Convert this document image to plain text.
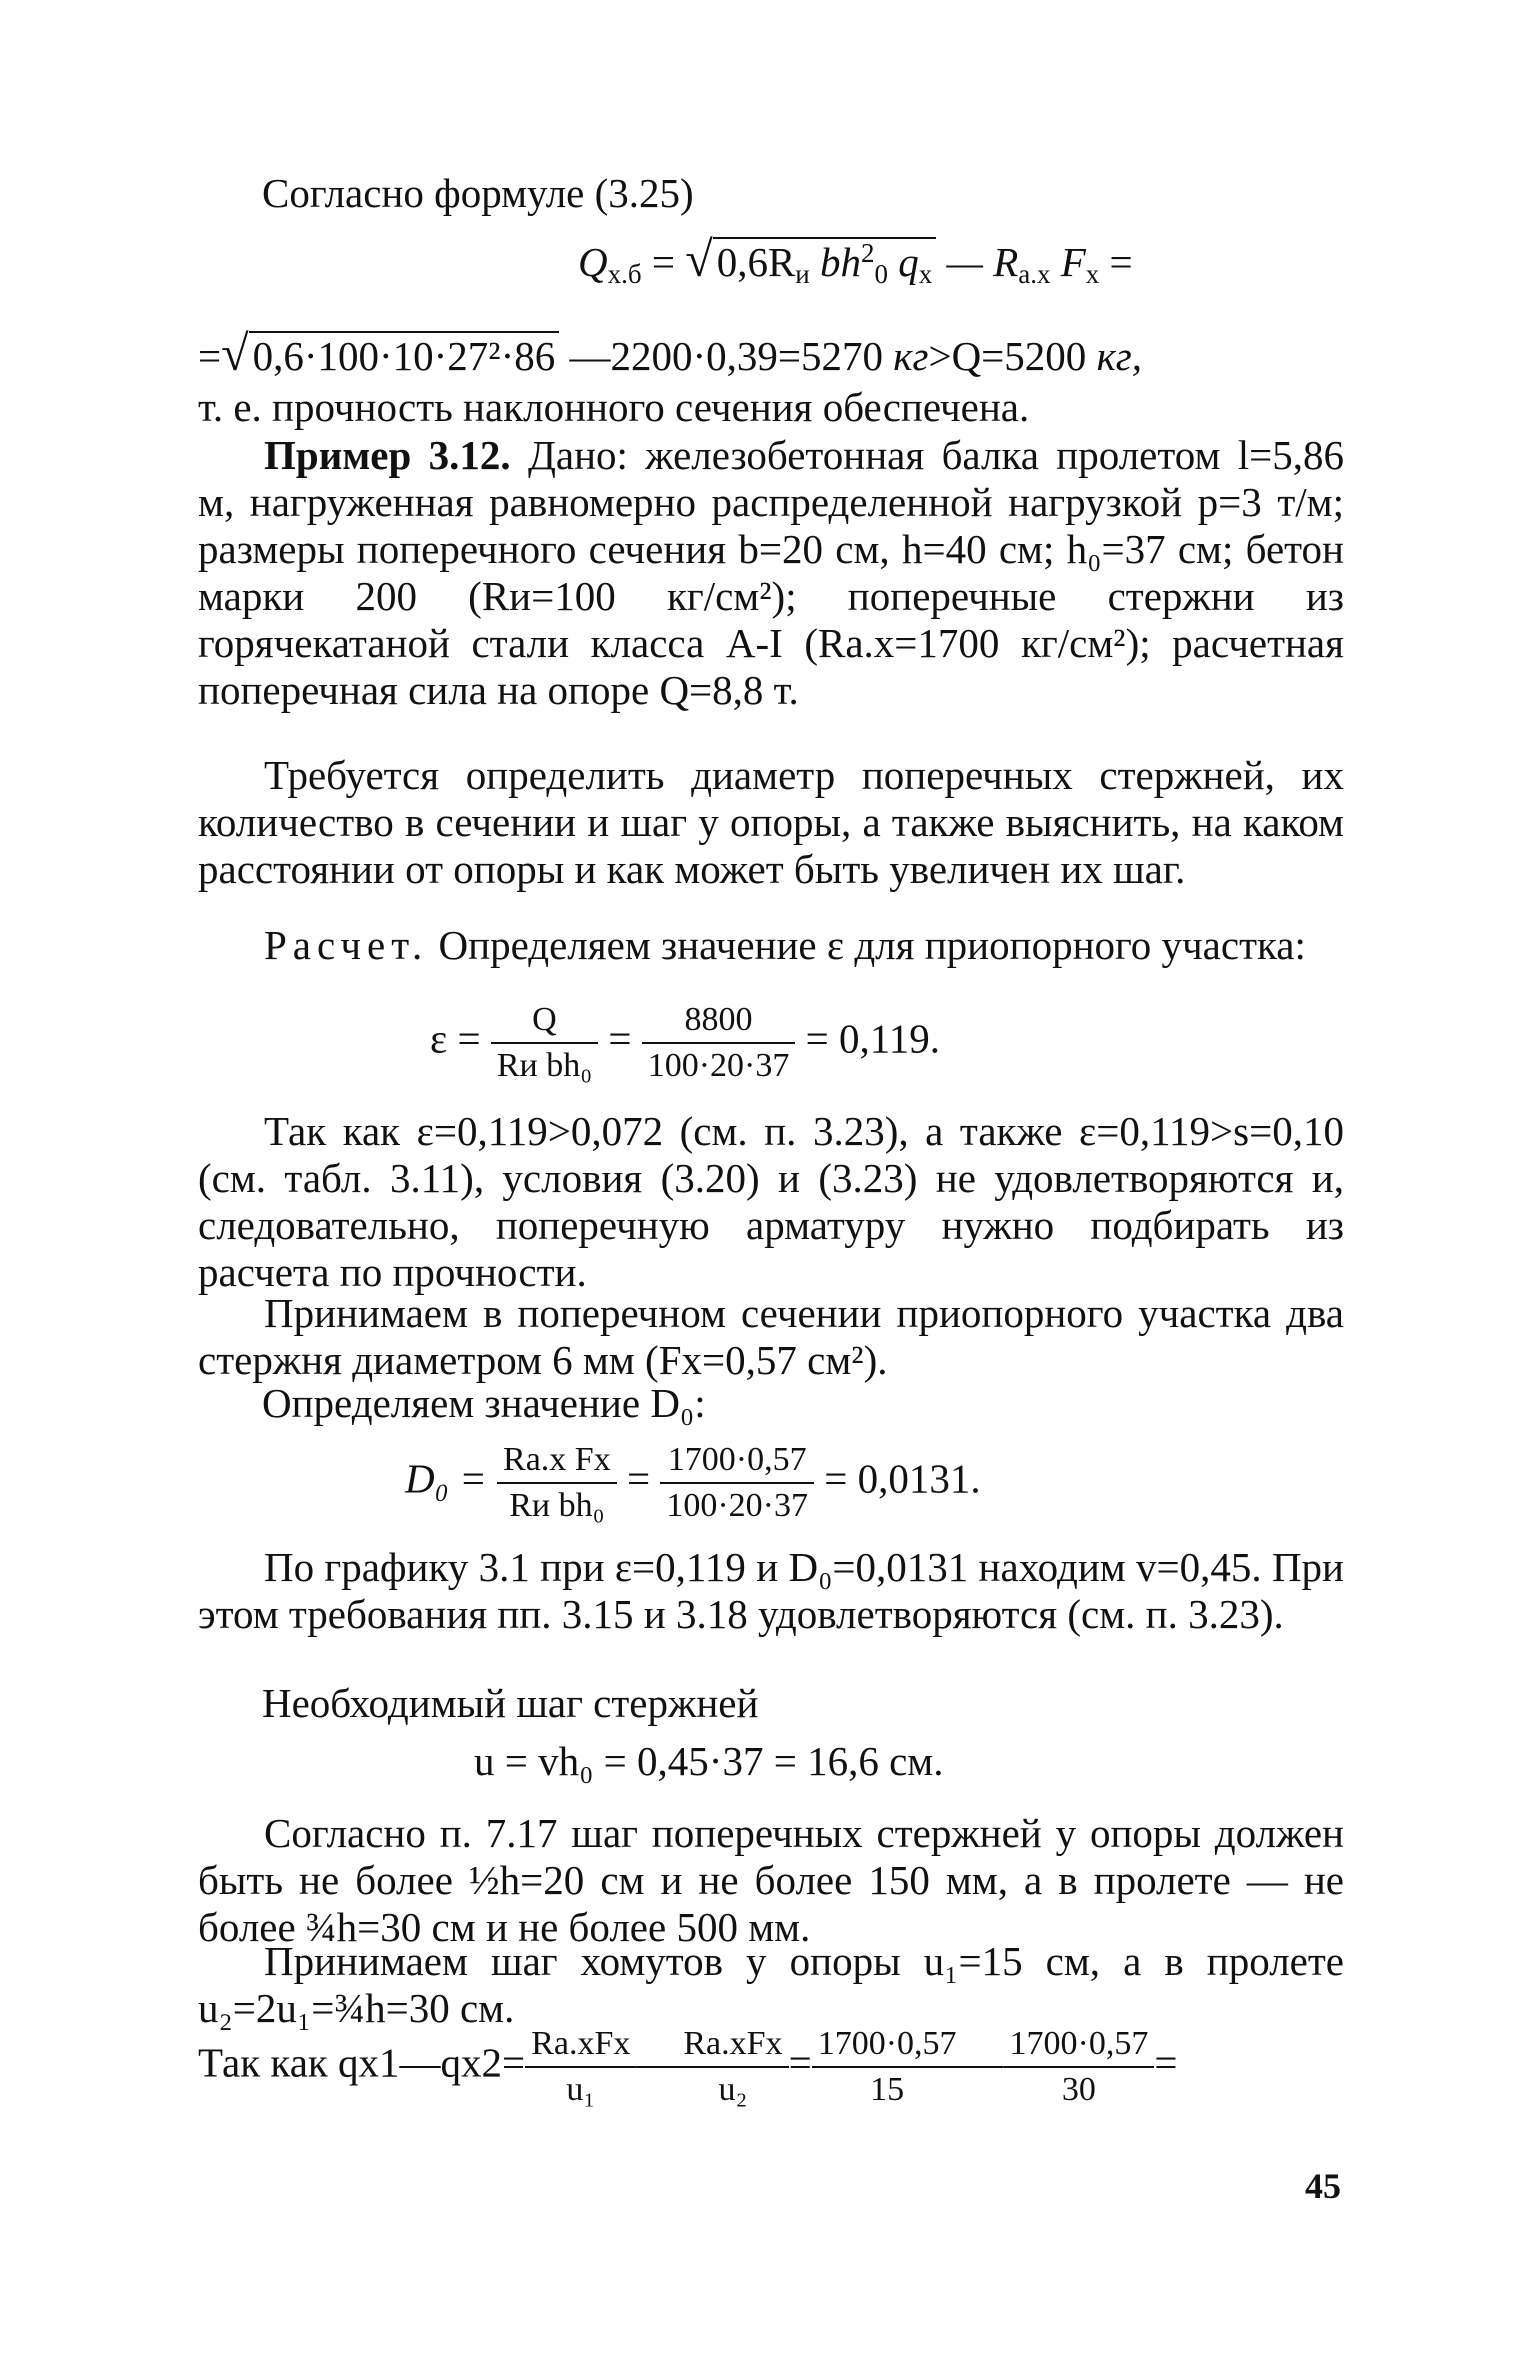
Согласно формуле (3.25)
$Q_{х.б} = √0,6R_и$ $bh^2_0$ $q_х$ — $R_{а.х}$ $F_х$ =
=√0,6·100·10·27²·86 —2200·0,39=5270 кг>Q=5200 кг,
т. е. прочность наклонного сечения обеспечена.

Пример 3.12. Дано: железобетонная балка пролетом l=5,86 м, нагруженная равномерно распределенной нагрузкой p=3 т/м; размеры поперечного сечения b=20 см, h=40 см; h₀=37 см; бетон марки 200 (Rи=100 кг/см²); поперечные стержни из горячекатаной стали класса А-I (Rа.х=1700 кг/см²); расчетная поперечная сила на опоре Q=8,8 т.

Требуется определить диаметр поперечных стержней, их количество в сечении и шаг у опоры, а также выяснить, на каком расстоянии от опоры и как может быть увеличен их шаг.

Расчет. Определяем значение ε для приопорного участка:

$\varepsilon = \frac{Q}{\text{Rи bh₀}} = \frac{8800}{100\cdot 20\cdot 37} = 0,119$.

Так как ε=0,119>0,072 (см. п. 3.23), а также ε=0,119>s=0,10 (см. табл. 3.11), условия (3.20) и (3.23) не удовлетворяются и, следовательно, поперечную арматуру нужно подбирать из расчета по прочности.

Принимаем в поперечном сечении приопорного участка два стержня диаметром 6 мм (Fх=0,57 см²).

Определяем значение D₀:
$D_0 = \frac{\text{Rа.х Fх}}{\text{Rи bh₀}} = \frac{1700\cdot 0,57}{100\cdot 20\cdot 37} = 0,0131$.

По графику 3.1 при ε=0,119 и D₀=0,0131 находим v=0,45. При этом требования пп. 3.15 и 3.18 удовлетворяются (см. п. 3.23).

Необходимый шаг стержней
u = vh₀ = 0,45·37 = 16,6 см.

Согласно п. 7.17 шаг поперечных стержней у опоры должен быть не более ½h=20 см и не более 150 мм, а в пролете — не более ¾h=30 см и не более 500 мм.

Принимаем шаг хомутов у опоры u₁=15 см, а в пролете u₂=2u₁=¾h=30 см.

Так как qх1—qх2= $\frac{\text{Rа.хFх}}{\text{u₁}}$ — $\frac{\text{Rа.хFх}}{\text{u₂}} = \frac{1700\cdot 0,57}{15}$ — $\frac{1700\cdot 0,57}{30}$ =
45
